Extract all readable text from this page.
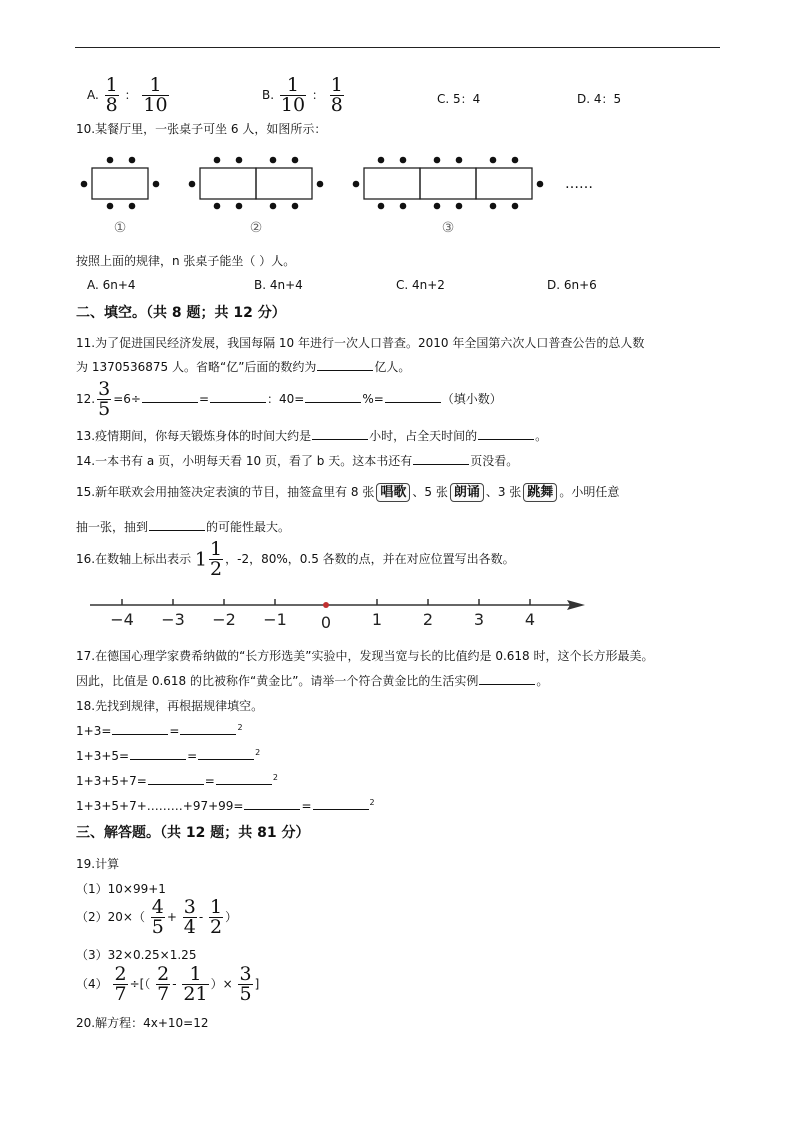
A. $\frac{1}{8}$ ： $\frac{1}{10}$	B. $\frac{1}{10}$ ： $\frac{1}{8}$	C. 5：4	D. 4：5
10.某餐厅里，一张桌子可坐 6 人，如图所示：
①	②	③
……
按照上面的规律，n 张桌子能坐（ ）人。
A. 6n+4	B. 4n+4	C. 4n+2	D. 6n+6
二、填空。（共 8 题；共 12 分）
11.为了促进国民经济发展，我国每隔 10 年进行一次人口普查。2010 年全国第六次人口普查公告的总人数
为 1370536875 人。省略“亿”后面的数约为	亿人。
12. $\frac{3}{5} =6\div$	=	：40=	%=	（填小数）
13.疫情期间，你每天锻炼身体的时间大约是	小时，占全天时间的	。
14.一本书有 a 页，小明每天看 10 页，看了 b 天。这本书还有	页没看。
15.新年联欢会用抽签决定表演的节目，抽签盒里有 8 张 唱歌 、5 张 朗诵 、3 张 跳舞 。小明任意
抽一张，抽到	的可能性最大。
16.在数轴上标出表示 $1 \frac{1}{2}$ ，-2，80%，0.5 各数的点，并在对应位置写出各数。
−4 −3 −2 −1 0	1	2	3	4
17.在德国心理学家费希纳做的“长方形选美”实验中，发现当宽与长的比值约是 0.618 时，这个长方形最美。
因此，比值是 0.618 的比被称作“黄金比”。请举一个符合黄金比的生活实例	。
18.先找到规律，再根据规律填空。
1+3=	=	$^2$
1+3+5=	=	$^2$
1+3+5+7=	=	$^2$
1+3+5+7+………+97+99=	=	$^2$
三、解答题。（共 12 题；共 81 分）
19.计算
（1）10×99+1
$(2)20\times( \frac{4}{5} + \frac{3}{4} - \frac{1}{2}$ ）
（3）32×0.25×1.25
$(4) \frac{2}{7}$ ÷[（ $\frac{2}{7} - \frac{1}{21}$ ）× $\frac{3}{5}$ ]
20.解方程：4x+10=12
